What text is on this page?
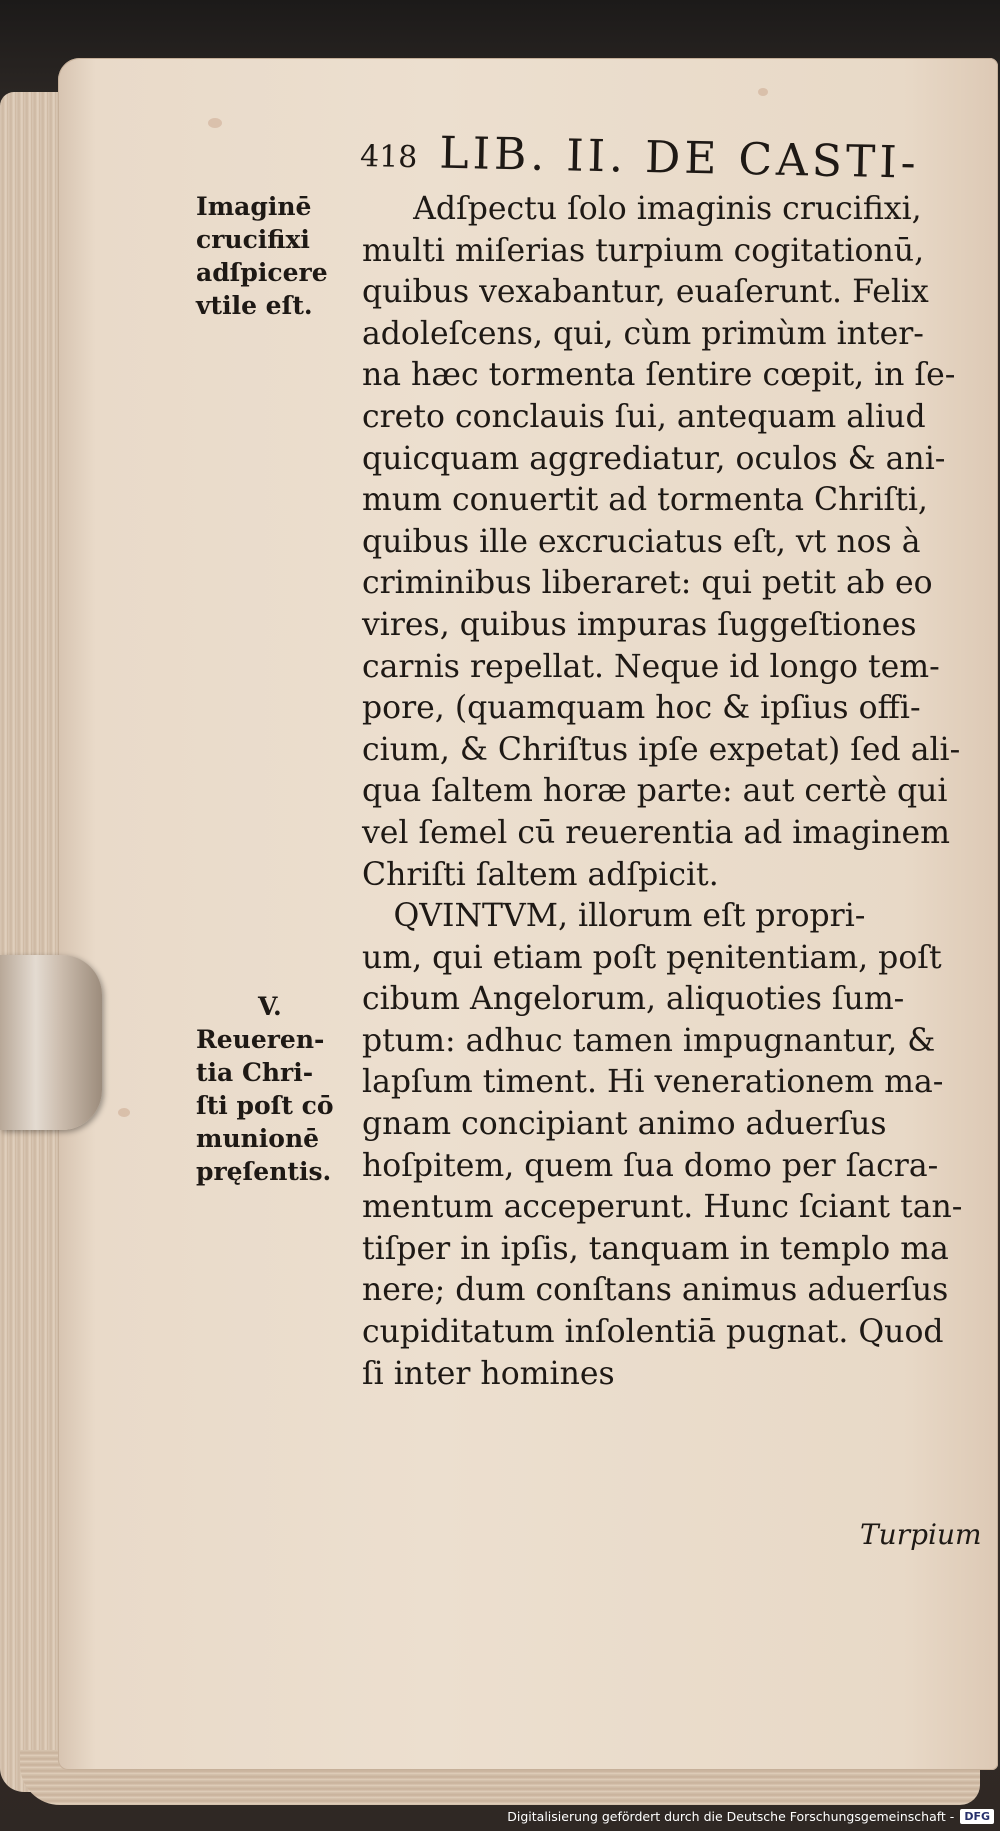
418 LIB. II. DE CASTI-
Imaginē
crucifixi
adſpicere
vtile eſt.
V.
Reueren-
tia Chri-
ſti poſt cō
munionē
pręſentis.
Adſpectu ſolo imaginis crucifixi,
multi miſerias turpium cogitationū,
quibus vexabantur, euaſerunt. Felix
adoleſcens, qui, cùm primùm inter-
na hæc tormenta ſentire cœpit, in ſe-
creto conclauis ſui, antequam aliud
quicquam aggrediatur, oculos & ani-
mum conuertit ad tormenta Chriſti,
quibus ille excruciatus eſt, vt nos à
criminibus liberaret: qui petit ab eo
vires, quibus impuras ſuggeſtiones
carnis repellat. Neque id longo tem-
pore, (quamquam hoc & ipſius offi-
cium, & Chriſtus ipſe expetat) ſed ali-
qua ſaltem horæ parte: aut certè qui
vel ſemel cū reuerentia ad imaginem
Chriſti ſaltem adſpicit.
QVINTVM, illorum eſt propri-
um, qui etiam poſt pęnitentiam, poſt
cibum Angelorum, aliquoties ſum-
ptum: adhuc tamen impugnantur, &
lapſum timent. Hi venerationem ma-
gnam concipiant animo aduerſus
hoſpitem, quem ſua domo per ſacra-
mentum acceperunt. Hunc ſciant tan-
tiſper in ipſis, tanquam in templo ma
nere; dum conſtans animus aduerſus
cupiditatum inſolentiā pugnat. Quod
ſi inter homines
Turpium
Digitalisierung gefördert durch die Deutsche Forschungsgemeinschaft - DFG
